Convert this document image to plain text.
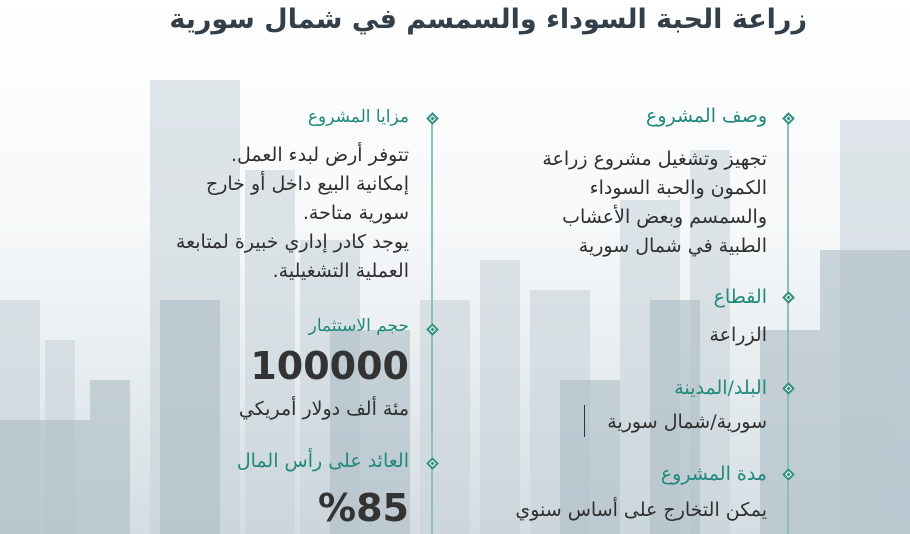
زراعة الحبة السوداء والسمسم في شمال سورية
وصف المشروع
تجهيز وتشغيل مشروع زراعة
الكمون والحبة السوداء
والسمسم وبعض الأعشاب
الطبية في شمال سورية
القطاع
الزراعة
البلد/المدينة
سورية/شمال سورية
مدة المشروع
يمكن التخارج على أساس سنوي
مزايا المشروع
تتوفر أرض لبدء العمل.
إمكانية البيع داخل أو خارج
سورية متاحة.
يوجد كادر إداري خبيرة لمتابعة
العملية التشغيلية.
حجم الاستثمار
100000
مئة ألف دولار أمريكي
العائد على رأس المال
%85
